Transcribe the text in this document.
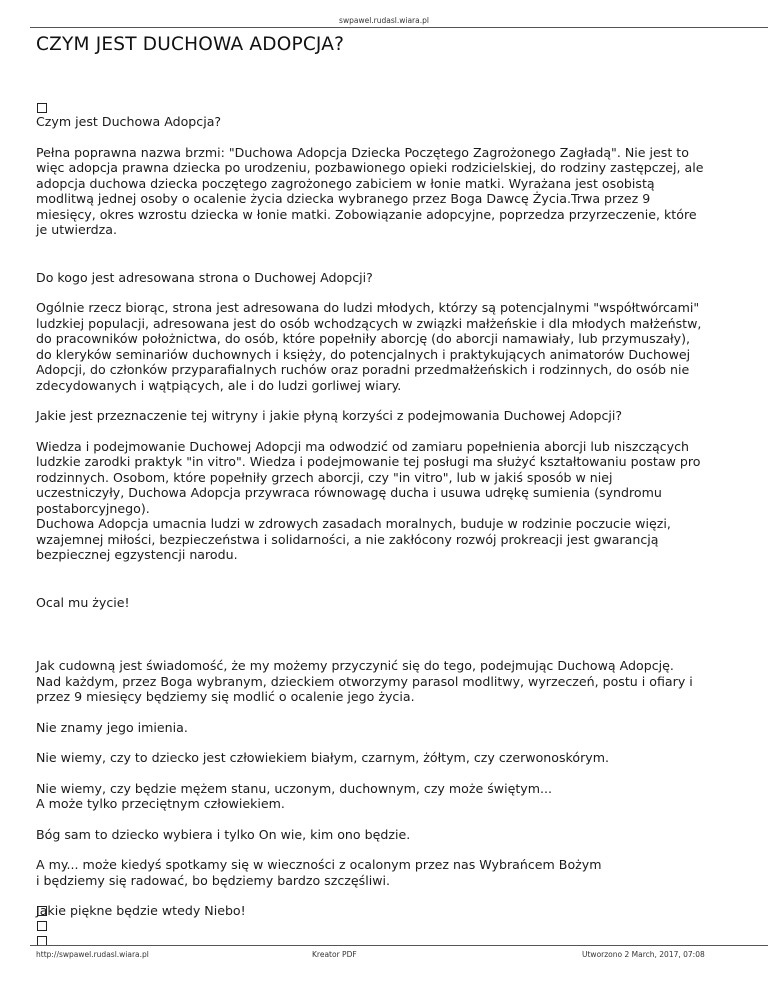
swpawel.rudasl.wiara.pl
CZYM JEST DUCHOWA ADOPCJA?

Czym jest Duchowa Adopcja?

Pełna poprawna nazwa brzmi: "Duchowa Adopcja Dziecka Poczętego Zagrożonego Zagładą". Nie jest to
więc adopcja prawna dziecka po urodzeniu, pozbawionego opieki rodzicielskiej, do rodziny zastępczej, ale
adopcja duchowa dziecka poczętego zagrożonego zabiciem w łonie matki. Wyrażana jest osobistą
modlitwą jednej osoby o ocalenie życia dziecka wybranego przez Boga Dawcę Życia.Trwa przez 9
miesięcy, okres wzrostu dziecka w łonie matki. Zobowiązanie adopcyjne, poprzedza przyrzeczenie, które
je utwierdza.

Do kogo jest adresowana strona o Duchowej Adopcji?

Ogólnie rzecz biorąc, strona jest adresowana do ludzi młodych, którzy są potencjalnymi "współtwórcami"
ludzkiej populacji, adresowana jest do osób wchodzących w związki małżeńskie i dla młodych małżeństw,
do pracowników położnictwa, do osób, które popełniły aborcję (do aborcji namawiały, lub przymuszały),
do kleryków seminariów duchownych i księży, do potencjalnych i praktykujących animatorów Duchowej
Adopcji, do członków przyparafialnych ruchów oraz poradni przedmałżeńskich i rodzinnych, do osób nie
zdecydowanych i wątpiących, ale i do ludzi gorliwej wiary.

Jakie jest przeznaczenie tej witryny i jakie płyną korzyści z podejmowania Duchowej Adopcji?

Wiedza i podejmowanie Duchowej Adopcji ma odwodzić od zamiaru popełnienia aborcji lub niszczących
ludzkie zarodki praktyk "in vitro". Wiedza i podejmowanie tej posługi ma służyć kształtowaniu postaw pro
rodzinnych. Osobom, które popełniły grzech aborcji, czy "in vitro", lub w jakiś sposób w niej
uczestniczyły, Duchowa Adopcja przywraca równowagę ducha i usuwa udrękę sumienia (syndromu
postaborcyjnego).
Duchowa Adopcja umacnia ludzi w zdrowych zasadach moralnych, buduje w rodzinie poczucie więzi,
wzajemnej miłości, bezpieczeństwa i solidarności, a nie zakłócony rozwój prokreacji jest gwarancją
bezpiecznej egzystencji narodu.

Ocal mu życie!

Jak cudowną jest świadomość, że my możemy przyczynić się do tego, podejmując Duchową Adopcję.
Nad każdym, przez Boga wybranym, dzieckiem otworzymy parasol modlitwy, wyrzeczeń, postu i ofiary i
przez 9 miesięcy będziemy się modlić o ocalenie jego życia.

Nie znamy jego imienia.

Nie wiemy, czy to dziecko jest człowiekiem białym, czarnym, żółtym, czy czerwonoskórym.

Nie wiemy, czy będzie mężem stanu, uczonym, duchownym, czy może świętym...
A może tylko przeciętnym człowiekiem.

Bóg sam to dziecko wybiera i tylko On wie, kim ono będzie.

A my... może kiedyś spotkamy się w wieczności z ocalonym przez nas Wybrańcem Bożym
i będziemy się radować, bo będziemy bardzo szczęśliwi.

Jakie piękne będzie wtedy Niebo!

http://swpawel.rudasl.wiara.pl	Kreator PDF	Utworzono 2 March, 2017, 07:08
